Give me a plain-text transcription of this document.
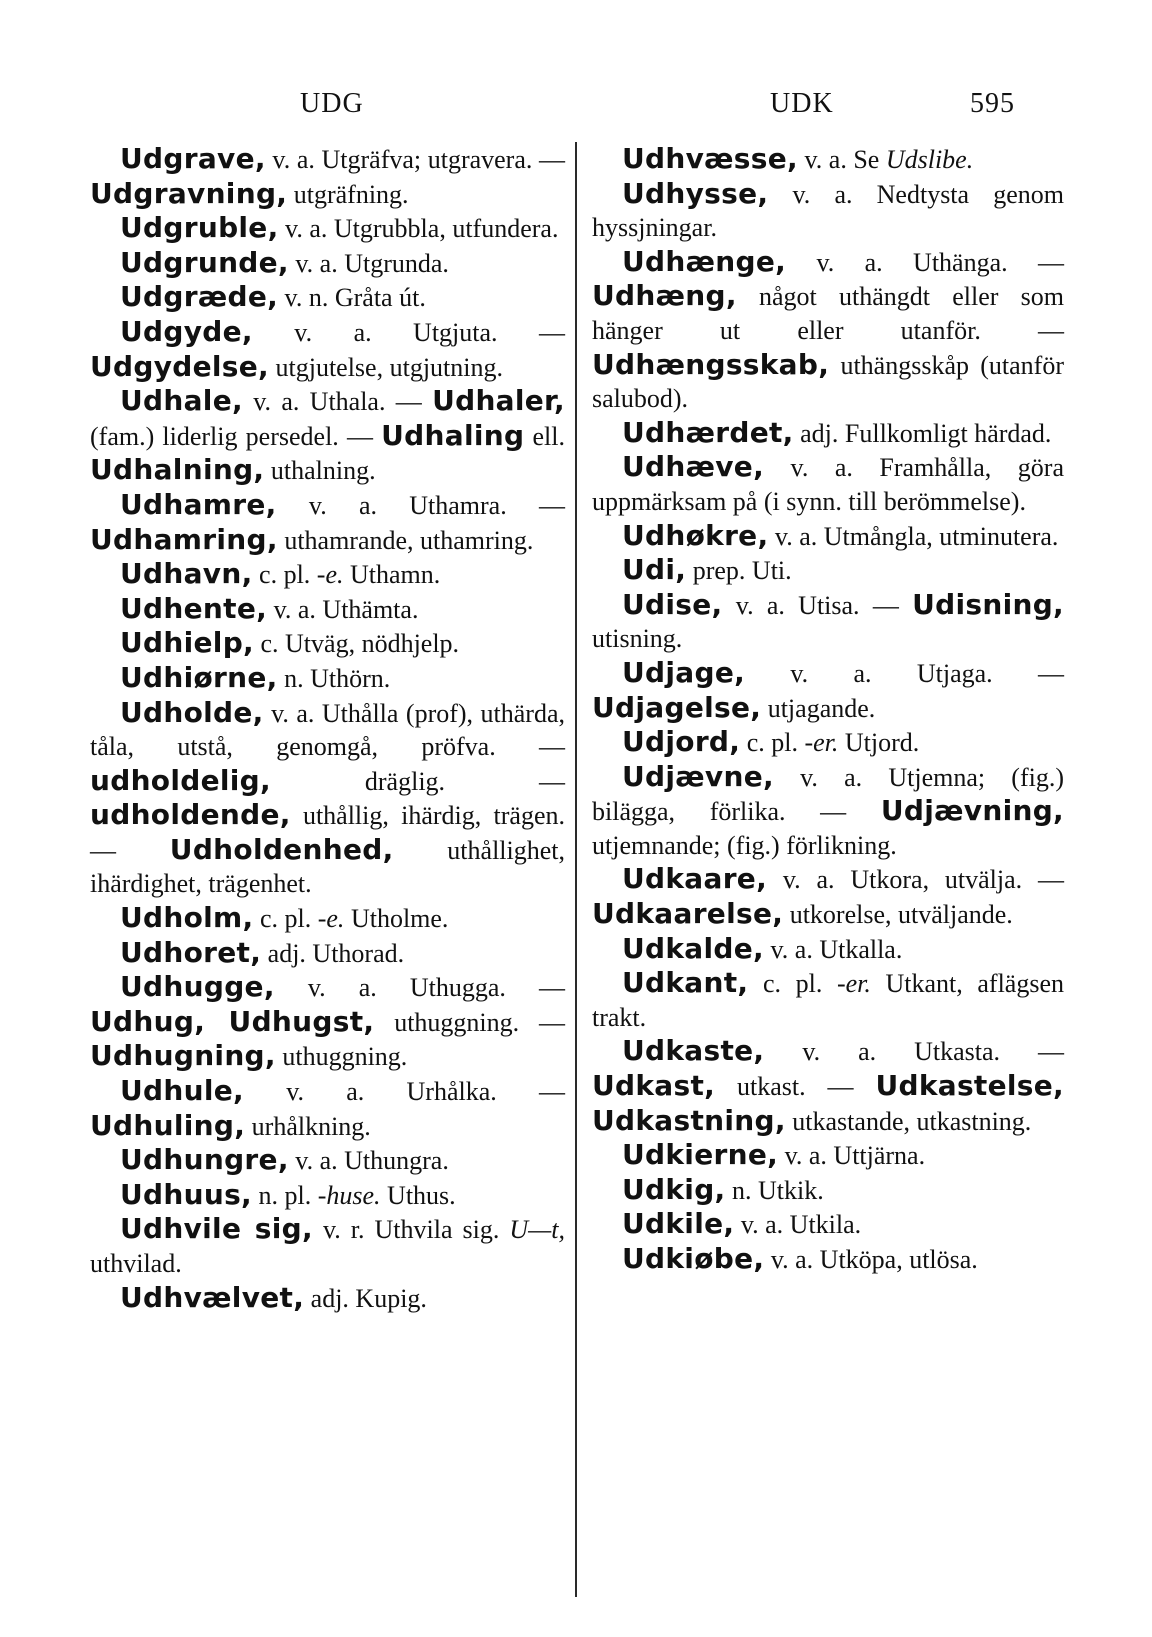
UDG	UDK	595

Udgrave, v. a. Utgräfva; utgravera. — Udgravning, utgräfning.

Udgruble, v. a. Utgrubbla, utfundera.

Udgrunde, v. a. Utgrunda.

Udgræde, v. n. Gråta út.

Udgyde, v. a. Utgjuta. — Udgydelse, utgjutelse, utgjutning.

Udhale, v. a. Uthala. — Udhaler, (fam.) liderlig persedel. — Udhaling ell. Udhalning, uthalning.

Udhamre, v. a. Uthamra. — Udhamring, uthamrande, uthamring.

Udhavn, c. pl. -e. Uthamn.

Udhente, v. a. Uthämta.

Udhielp, c. Utväg, nödhjelp.

Udhiørne, n. Uthörn.

Udholde, v. a. Uthålla (prof), uthärda, tåla, utstå, genomgå, pröfva. — udholdelig, dräglig. — udholdende, uthållig, ihärdig, trägen. — Udholdenhed, uthållighet, ihärdighet, trägenhet.

Udholm, c. pl. -e. Utholme.

Udhoret, adj. Uthorad.

Udhugge, v. a. Uthugga. — Udhug, Udhugst, uthuggning. — Udhugning, uthuggning.

Udhule, v. a. Urhålka. — Udhuling, urhålkning.

Udhungre, v. a. Uthungra.

Udhuus, n. pl. -huse. Uthus.

Udhvile sig, v. r. Uthvila sig. U—t, uthvilad.

Udhvælvet, adj. Kupig.

Udhvæsse, v. a. Se Udslibe.

Udhysse, v. a. Nedtysta genom hyssjningar.

Udhænge, v. a. Uthänga. — Udhæng, något uthängdt eller som hänger ut eller utanför. — Udhængsskab, uthängsskåp (utanför salubod).

Udhærdet, adj. Fullkomligt härdad.

Udhæve, v. a. Framhålla, göra uppmärksam på (i synn. till berömmelse).

Udhøkre, v. a. Utmångla, utminutera.

Udi, prep. Uti.

Udise, v. a. Utisa. — Udisning, utisning.

Udjage, v. a. Utjaga. — Udjagelse, utjagande.

Udjord, c. pl. -er. Utjord.

Udjævne, v. a. Utjemna; (fig.) bilägga, förlika. — Udjævning, utjemnande; (fig.) förlikning.

Udkaare, v. a. Utkora, utvälja. — Udkaarelse, utkorelse, utväljande.

Udkalde, v. a. Utkalla.

Udkant, c. pl. -er. Utkant, aflägsen trakt.

Udkaste, v. a. Utkasta. — Udkast, utkast. — Udkastelse, Udkastning, utkastande, utkastning.

Udkierne, v. a. Uttjärna.

Udkig, n. Utkik.

Udkile, v. a. Utkila.

Udkiøbe, v. a. Utköpa, utlösa.
